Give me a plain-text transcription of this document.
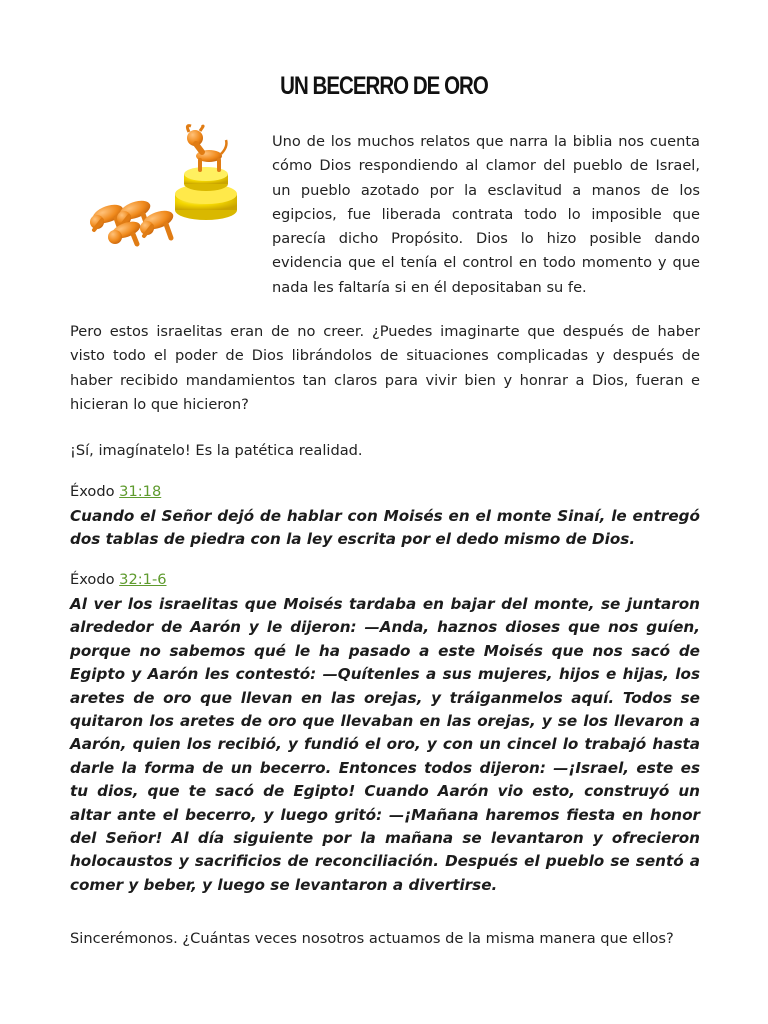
UN BECERRO DE ORO

Uno de los muchos relatos que narra la biblia nos cuenta cómo Dios respondiendo al clamor del pueblo de Israel, un pueblo azotado por la esclavitud a manos de los egipcios, fue liberada contrata todo lo imposible que parecía dicho Propósito. Dios lo hizo posible dando evidencia que el tenía el control en todo momento y que nada les faltaría si en él depositaban su fe.

Pero estos israelitas eran de no creer. ¿Puedes imaginarte que después de haber visto todo el poder de Dios librándolos de situaciones complicadas y después de haber recibido mandamientos tan claros para vivir bien y honrar a Dios, fueran e hicieran lo que hicieron?

¡Sí, imagínatelo! Es la patética realidad.

Éxodo 31:18

Cuando el Señor dejó de hablar con Moisés en el monte Sinaí, le entregó dos tablas de piedra con la ley escrita por el dedo mismo de Dios.

Éxodo 32:1-6

Al ver los israelitas que Moisés tardaba en bajar del monte, se juntaron alrededor de Aarón y le dijeron: —Anda, haznos dioses que nos guíen, porque no sabemos qué le ha pasado a este Moisés que nos sacó de Egipto y Aarón les contestó: —Quítenles a sus mujeres, hijos e hijas, los aretes de oro que llevan en las orejas, y tráiganmelos aquí. Todos se quitaron los aretes de oro que llevaban en las orejas, y se los llevaron a Aarón, quien los recibió, y fundió el oro, y con un cincel lo trabajó hasta darle la forma de un becerro. Entonces todos dijeron: —¡Israel, este es tu dios, que te sacó de Egipto! Cuando Aarón vio esto, construyó un altar ante el becerro, y luego gritó: —¡Mañana haremos fiesta en honor del Señor! Al día siguiente por la mañana se levantaron y ofrecieron holocaustos y sacrificios de reconciliación. Después el pueblo se sentó a comer y beber, y luego se levantaron a divertirse.

Sincerémonos. ¿Cuántas veces nosotros actuamos de la misma manera que ellos?
